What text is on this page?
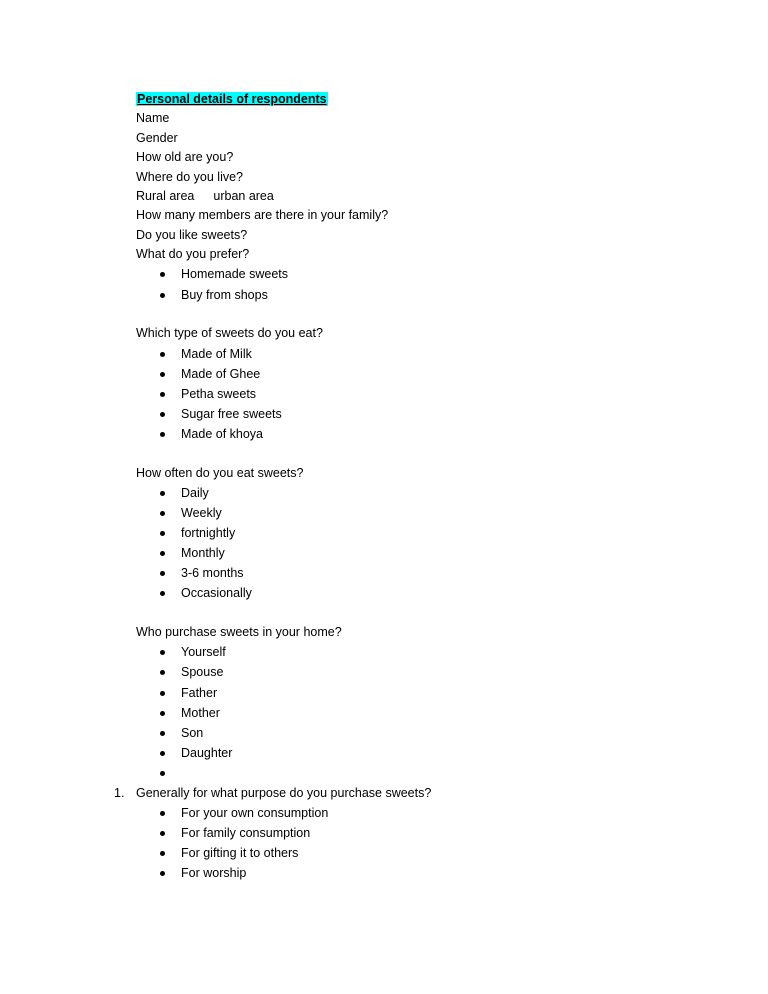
Personal details of respondents
Name
Gender
How old are you?
Where do you live?
Rural area urban area
How many members are there in your family?
Do you like sweets?
What do you prefer?
Homemade sweets
Buy from shops
Which type of sweets do you eat?
Made of Milk
Made of Ghee
Petha sweets
Sugar free sweets
Made of khoya
How often do you eat sweets?
Daily
Weekly
fortnightly
Monthly
3-6 months
Occasionally
Who purchase sweets in your home?
Yourself
Spouse
Father
Mother
Son
Daughter
1. Generally for what purpose do you purchase sweets?
For your own consumption
For family consumption
For gifting it to others
For worship
